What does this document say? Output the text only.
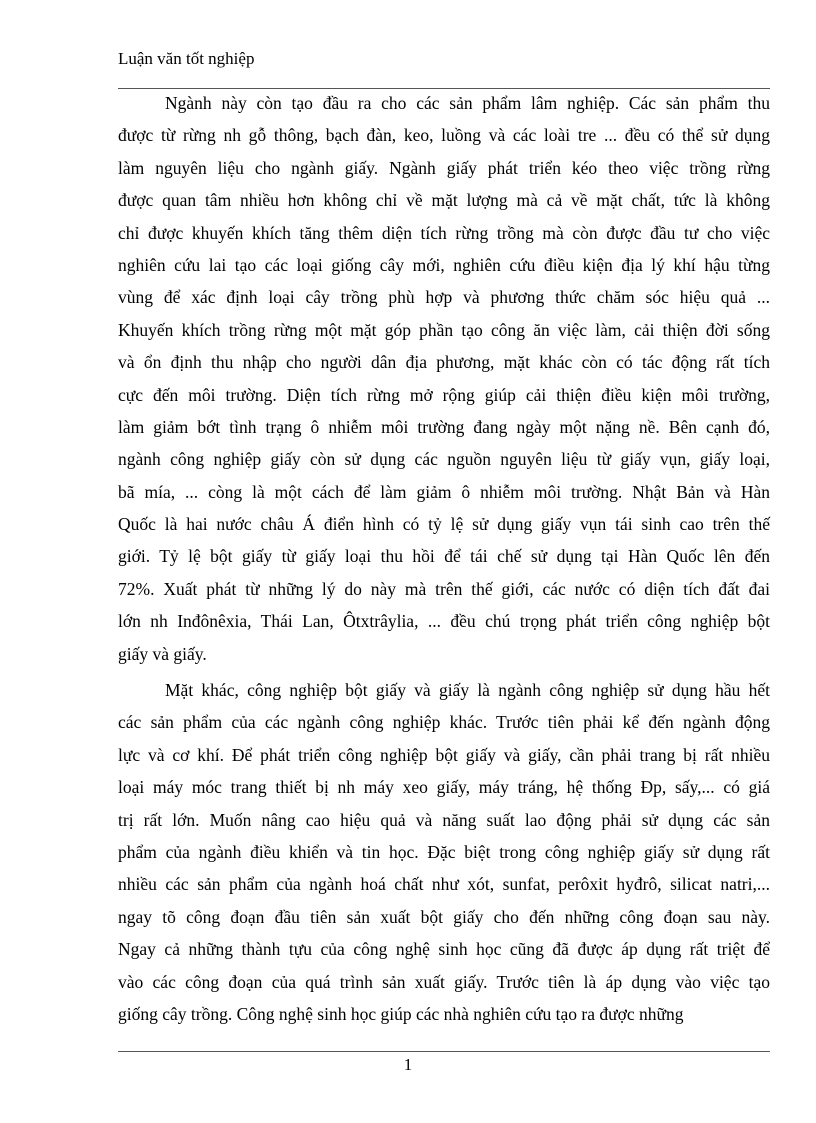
Luận văn tốt nghiệp
Ngành này còn tạo đầu ra cho các sản phẩm lâm nghiệp. Các sản phẩm thu
được từ rừng nh gỗ thông, bạch đàn, keo, luồng và các loài tre ... đều có thể sử dụng
làm nguyên liệu cho ngành giấy. Ngành giấy phát triển kéo theo việc trồng rừng
được quan tâm nhiều hơn không chỉ về mặt lượng mà cả về mặt chất, tức là không
chỉ được khuyến khích tăng thêm diện tích rừng trồng mà còn được đầu tư cho việc
nghiên cứu lai tạo các loại giống cây mới, nghiên cứu điều kiện địa lý khí hậu từng
vùng để xác định loại cây trồng phù hợp và phương thức chăm sóc hiệu quả ...
Khuyến khích trồng rừng một mặt góp phần tạo công ăn việc làm, cải thiện đời sống
và ổn định thu nhập cho người dân địa phương, mặt khác còn có tác động rất tích
cực đến môi trường. Diện tích rừng mở rộng giúp cải thiện điều kiện môi trường,
làm giảm bớt tình trạng ô nhiễm môi trường đang ngày một nặng nề. Bên cạnh đó,
ngành công nghiệp giấy còn sử dụng các nguồn nguyên liệu từ giấy vụn, giấy loại,
bã mía, ... còng là một cách để làm giảm ô nhiễm môi trường. Nhật Bản và Hàn
Quốc là hai nước châu Á điển hình có tỷ lệ sử dụng giấy vụn tái sinh cao trên thế
giới. Tỷ lệ bột giấy từ giấy loại thu hồi để tái chế sử dụng tại Hàn Quốc lên đến
72%. Xuất phát từ những lý do này mà trên thế giới, các nước có diện tích đất đai
lớn nh Inđônêxia, Thái Lan, Ôtxtrâylia, ... đều chú trọng phát triển công nghiệp bột
giấy và giấy.
Mặt khác, công nghiệp bột giấy và giấy là ngành công nghiệp sử dụng hầu hết
các sản phẩm của các ngành công nghiệp khác. Trước tiên phải kể đến ngành động
lực và cơ khí. Để phát triển công nghiệp bột giấy và giấy, cần phải trang bị rất nhiều
loại máy móc trang thiết bị nh máy xeo giấy, máy tráng, hệ thống Đp, sấy,... có giá
trị rất lớn. Muốn nâng cao hiệu quả và năng suất lao động phải sử dụng các sản
phẩm của ngành điều khiển và tin học. Đặc biệt trong công nghiệp giấy sử dụng rất
nhiều các sản phẩm của ngành hoá chất như xót, sunfat, perôxit hyđrô, silicat natri,...
ngay tõ công đoạn đầu tiên sản xuất bột giấy cho đến những công đoạn sau này.
Ngay cả những thành tựu của công nghệ sinh học cũng đã được áp dụng rất triệt để
vào các công đoạn của quá trình sản xuất giấy. Trước tiên là áp dụng vào việc tạo
giống cây trồng. Công nghệ sinh học giúp các nhà nghiên cứu tạo ra được những
1
